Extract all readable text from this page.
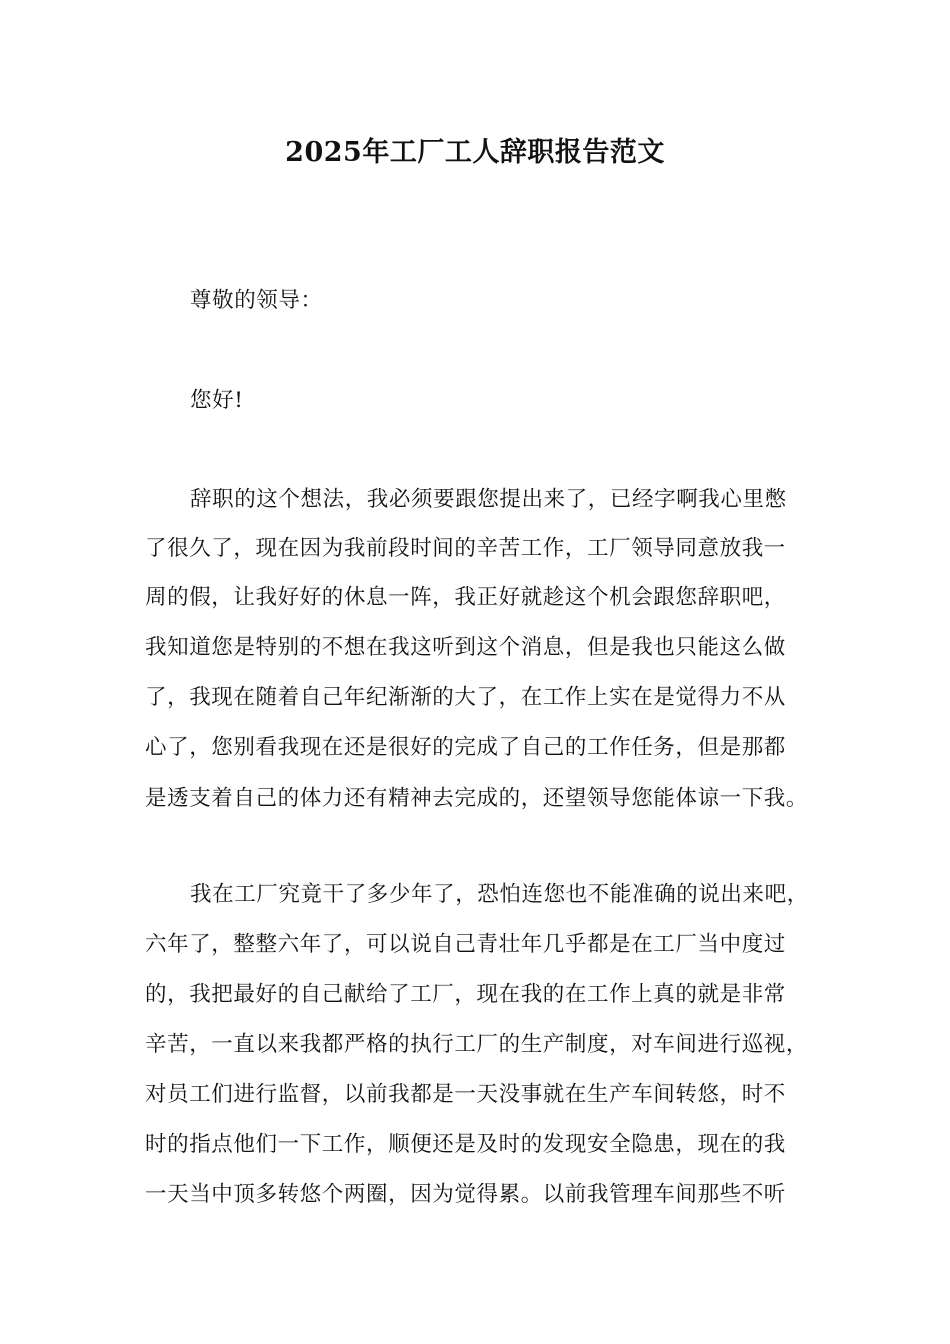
2025年工厂工人辞职报告范文
尊敬的领导：
您好!
辞职的这个想法，我必须要跟您提出来了，已经字啊我心里憋
了很久了，现在因为我前段时间的辛苦工作，工厂领导同意放我一
周的假，让我好好的休息一阵，我正好就趁这个机会跟您辞职吧，
我知道您是特别的不想在我这听到这个消息，但是我也只能这么做
了，我现在随着自己年纪渐渐的大了，在工作上实在是觉得力不从
心了，您别看我现在还是很好的完成了自己的工作任务，但是那都
是透支着自己的体力还有精神去完成的，还望领导您能体谅一下我。
我在工厂究竟干了多少年了，恐怕连您也不能准确的说出来吧，
六年了，整整六年了，可以说自己青壮年几乎都是在工厂当中度过
的，我把最好的自己献给了工厂，现在我的在工作上真的就是非常
辛苦，一直以来我都严格的执行工厂的生产制度，对车间进行巡视，
对员工们进行监督，以前我都是一天没事就在生产车间转悠，时不
时的指点他们一下工作，顺便还是及时的发现安全隐患，现在的我
一天当中顶多转悠个两圈，因为觉得累。以前我管理车间那些不听
